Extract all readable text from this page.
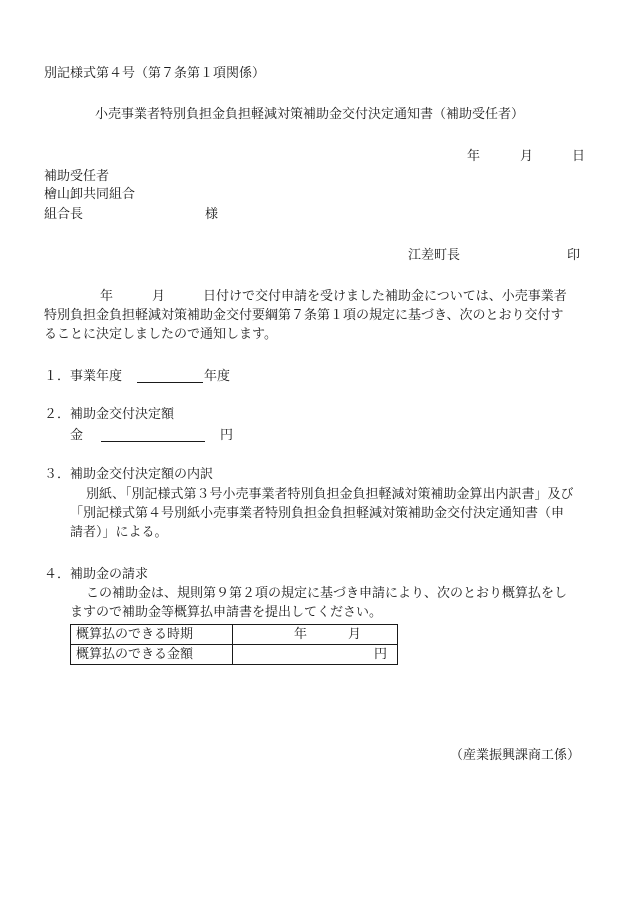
別記様式第４号（第７条第１項関係）

小売事業者特別負担金負担軽減対策補助金交付決定通知書（補助受任者）

年	月	日

補助受任者

檜山卸共同組合

組合長	様
江差町長	印
年	月	日付けで交付申請を受けました補助金については、小売事業者

特別負担金負担軽減対策補助金交付要綱第７条第１項の規定に基づき、次のとおり交付す

ることに決定しましたので通知します。

１．事業年度	年度

２．補助金交付決定額

金	円

３．補助金交付決定額の内訳

別紙、「別記様式第３号小売事業者特別負担金負担軽減対策補助金算出内訳書」及び

「別記様式第４号別紙小売事業者特別負担金負担軽減対策補助金交付決定通知書（申

請者）」による。

４．補助金の請求

この補助金は、規則第９第２項の規定に基づき申請により、次のとおり概算払をし

ますので補助金等概算払申請書を提出してください。

概算払のできる時期	年 月

概算払のできる金額	円

（産業振興課商工係）
